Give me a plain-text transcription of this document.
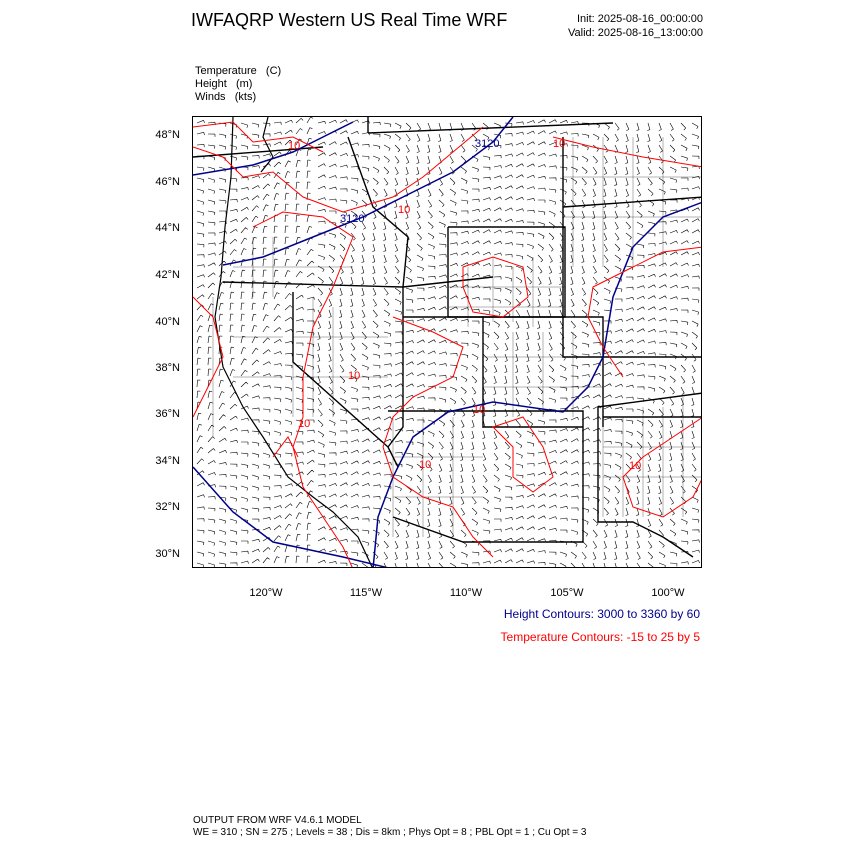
IWFAQRP Western US Real Time WRF	Init: 2025-08-16_00:00:00
Valid: 2025-08-16_13:00:00
Temperature   (C)
Height   (m)
Winds   (kts)
3120
3120
10
10
10
10	10
10
10
10
48°N
46°N
44°N
42°N
40°N
38°N
36°N
34°N
32°N
30°N
120°W	115°W	110°W	105°W	100°W
Height Contours: 3000 to 3360 by 60
Temperature Contours: -15 to 25 by 5
OUTPUT FROM WRF V4.6.1 MODEL
WE = 310 ; SN = 275 ; Levels = 38 ; Dis = 8km ; Phys Opt = 8 ; PBL Opt = 1 ; Cu Opt = 3
